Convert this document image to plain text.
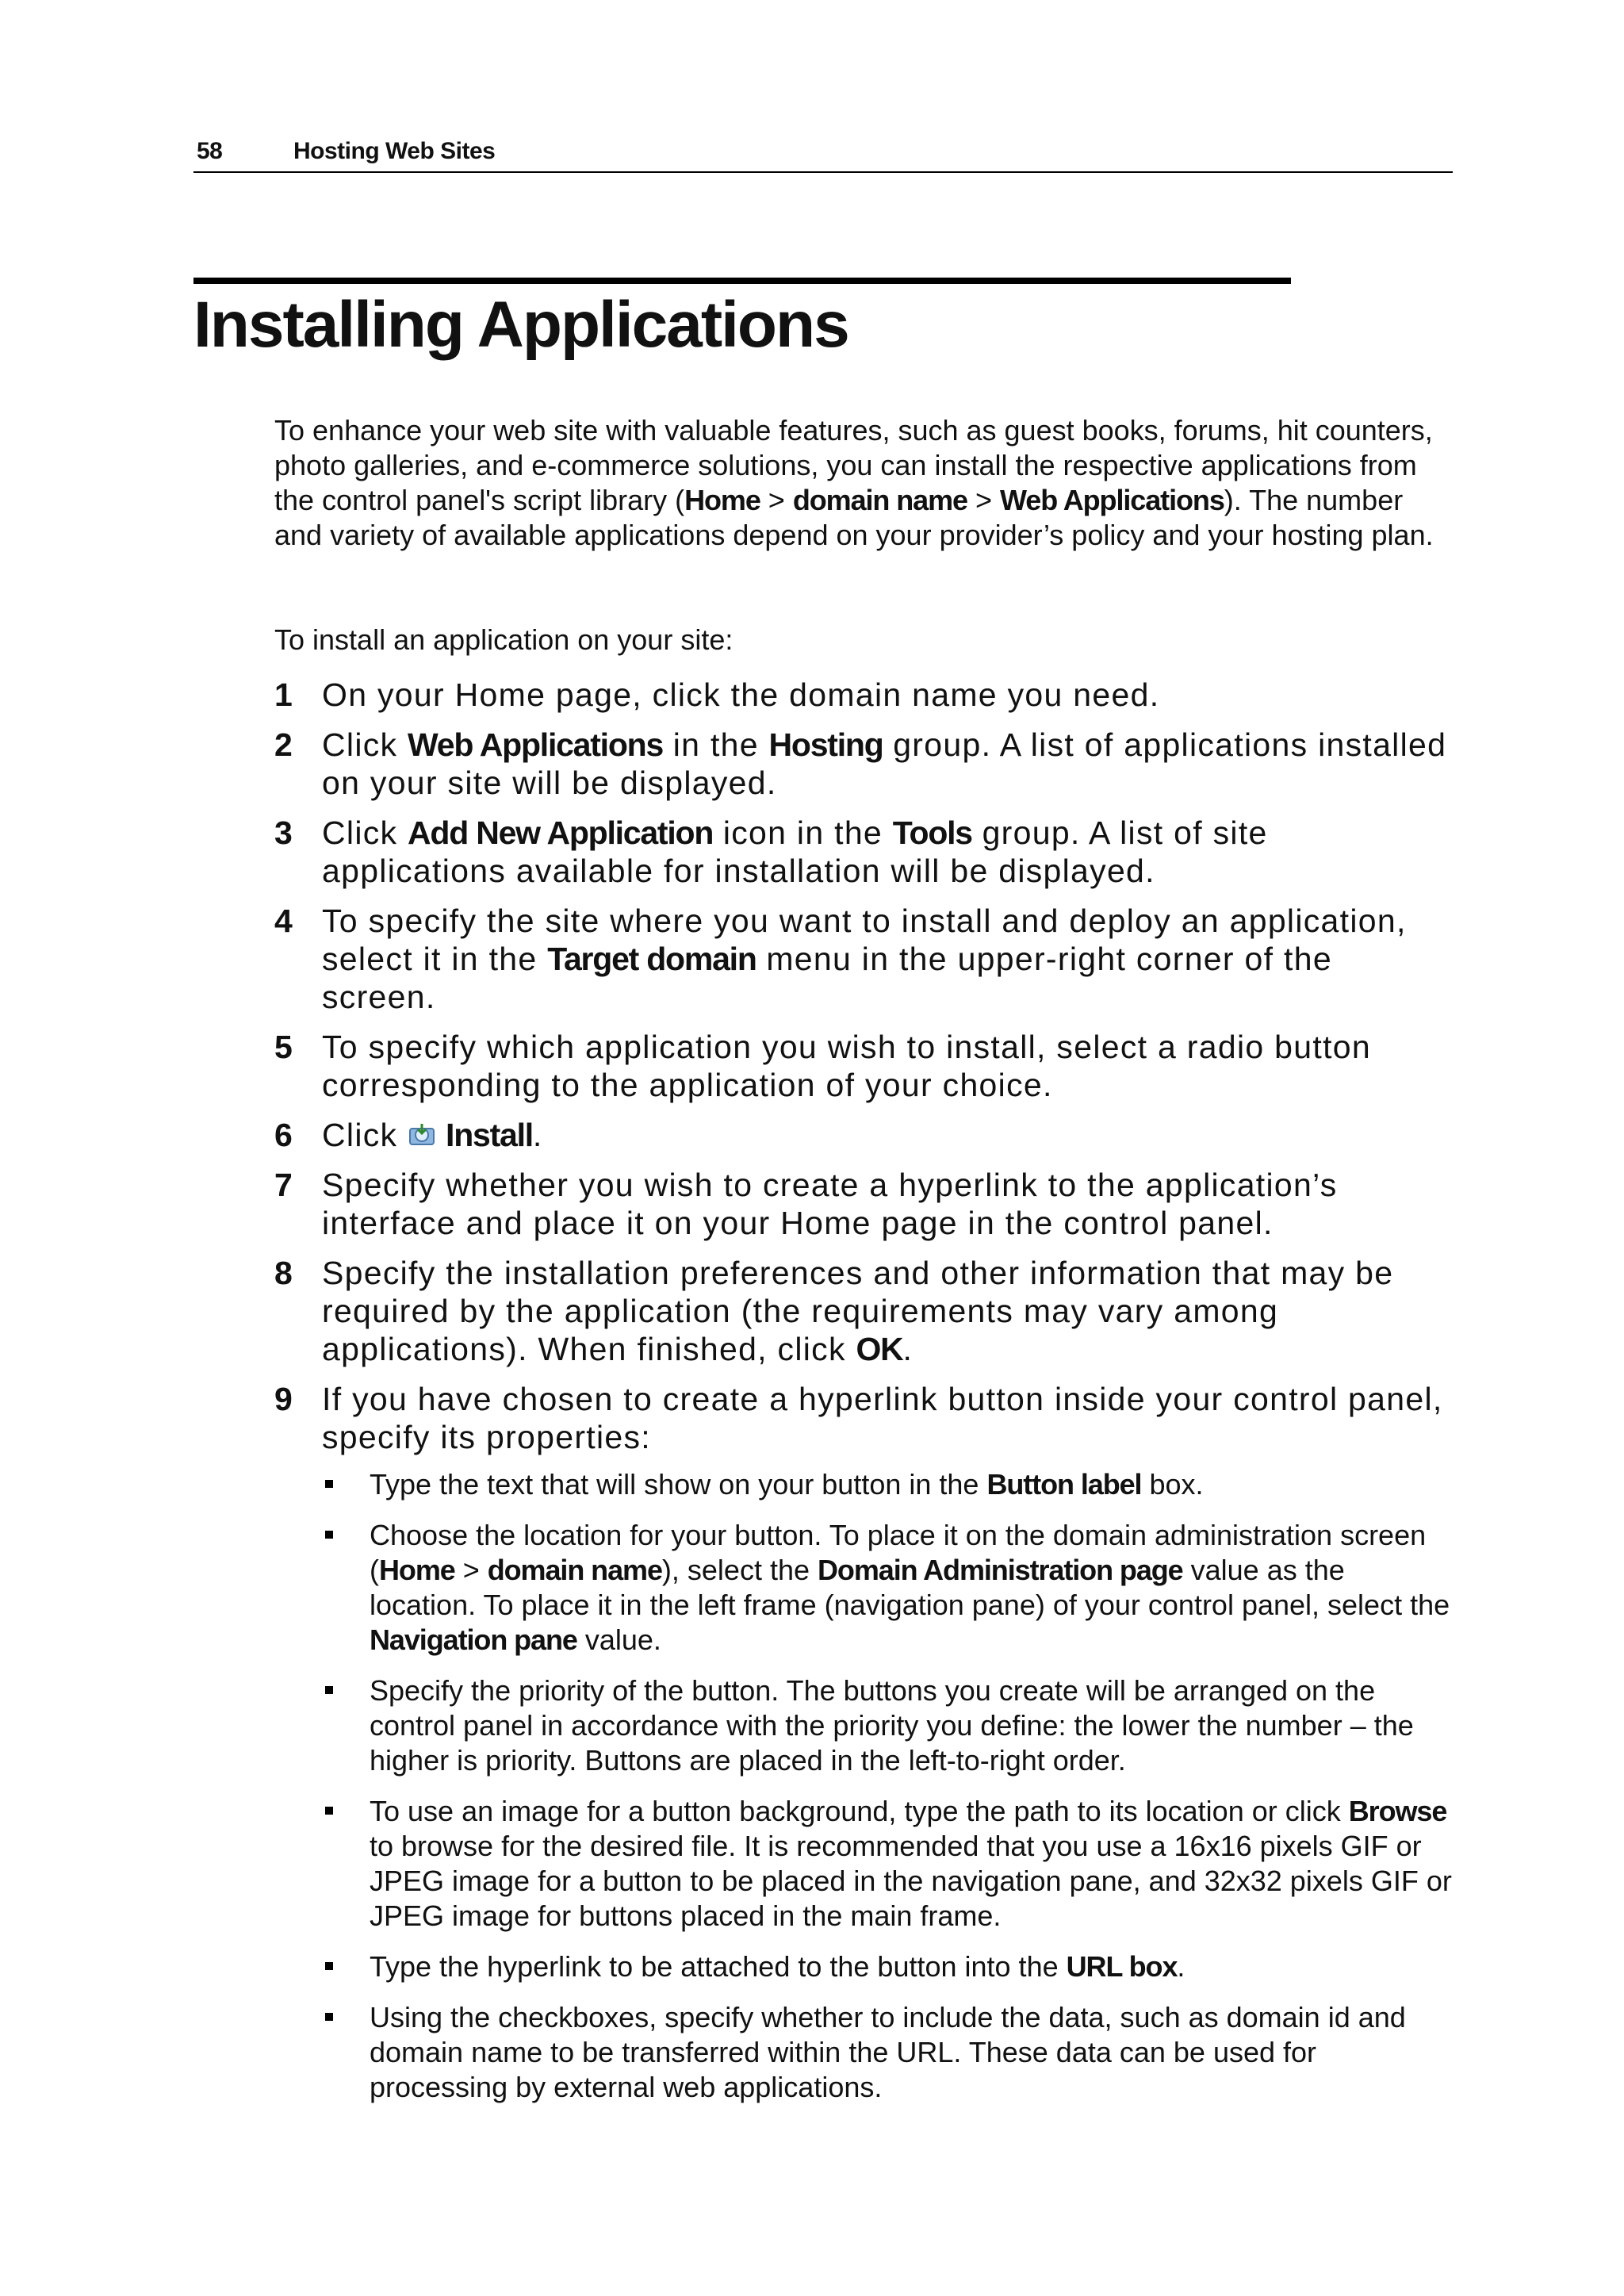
58	Hosting Web Sites
Installing Applications

To enhance your web site with valuable features, such as guest books, forums, hit counters, photo galleries, and e-commerce solutions, you can install the respective applications from the control panel's script library (Home > domain name > Web Applications). The number and variety of available applications depend on your provider’s policy and your hosting plan.

To install an application on your site:

1 On your Home page, click the domain name you need.
2 Click Web Applications in the Hosting group. A list of applications installed on your site will be displayed.
3 Click Add New Application icon in the Tools group. A list of site applications available for installation will be displayed.
4 To specify the site where you want to install and deploy an application, select it in the Target domain menu in the upper-right corner of the screen.
5 To specify which application you wish to install, select a radio button corresponding to the application of your choice.
6 Click Install.
7 Specify whether you wish to create a hyperlink to the application’s interface and place it on your Home page in the control panel.
8 Specify the installation preferences and other information that may be required by the application (the requirements may vary among applications). When finished, click OK.
9 If you have chosen to create a hyperlink button inside your control panel, specify its properties:
Type the text that will show on your button in the Button label box.
Choose the location for your button. To place it on the domain administration screen (Home > domain name), select the Domain Administration page value as the location. To place it in the left frame (navigation pane) of your control panel, select the Navigation pane value.
Specify the priority of the button. The buttons you create will be arranged on the control panel in accordance with the priority you define: the lower the number – the higher is priority. Buttons are placed in the left-to-right order.
To use an image for a button background, type the path to its location or click Browse to browse for the desired file. It is recommended that you use a 16x16 pixels GIF or JPEG image for a button to be placed in the navigation pane, and 32x32 pixels GIF or JPEG image for buttons placed in the main frame.
Type the hyperlink to be attached to the button into the URL box.
Using the checkboxes, specify whether to include the data, such as domain id and domain name to be transferred within the URL. These data can be used for processing by external web applications.
